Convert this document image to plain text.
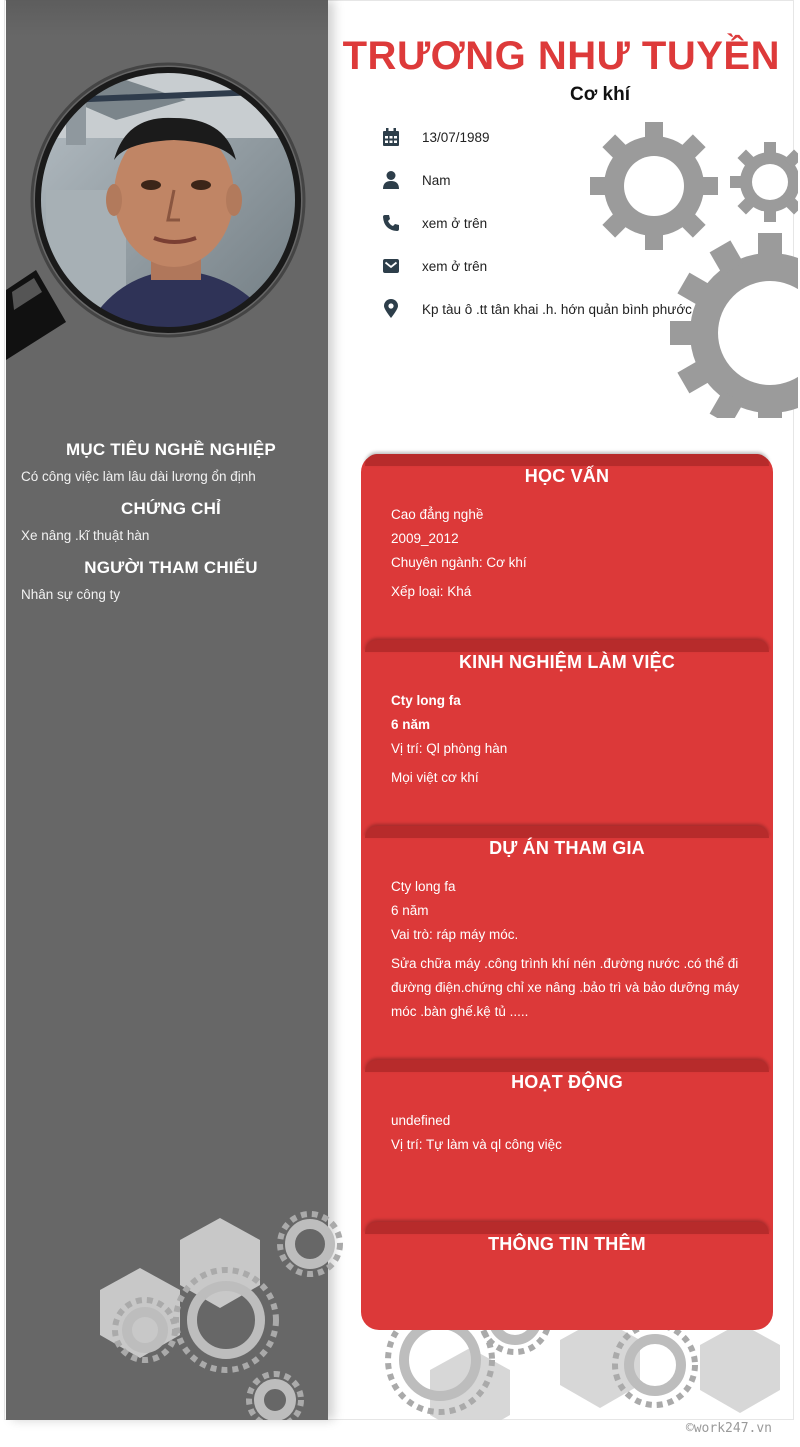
MỤC TIÊU NGHỀ NGHIỆP
Có công việc làm lâu dài lương ổn định
CHỨNG CHỈ
Xe nâng .kĩ thuật hàn
NGƯỜI THAM CHIẾU
Nhân sự công ty
TRƯƠNG NHƯ TUYỀN
Cơ khí
13/07/1989
Nam
xem ở trên
xem ở trên
Kp tàu ô .tt tân khai .h. hớn quản bình phước
HỌC VẤN
Cao đẳng nghề
2009_2012
Chuyên ngành: Cơ khí
Xếp loại: Khá
KINH NGHIỆM LÀM VIỆC
Cty long fa
6 năm
Vị trí: Ql phòng hàn
Mọi việt cơ khí
DỰ ÁN THAM GIA
Cty long fa
6 năm
Vai trò: ráp máy móc.
Sửa chữa máy .công trình khí nén .đường nước .có thể đi
đường điện.chứng chỉ xe nâng .bảo trì và bảo dưỡng máy
móc .bàn ghế.kệ tủ .....
HOẠT ĐỘNG
undefined
Vị trí: Tự làm và ql công việc
THÔNG TIN THÊM
©work247.vn
